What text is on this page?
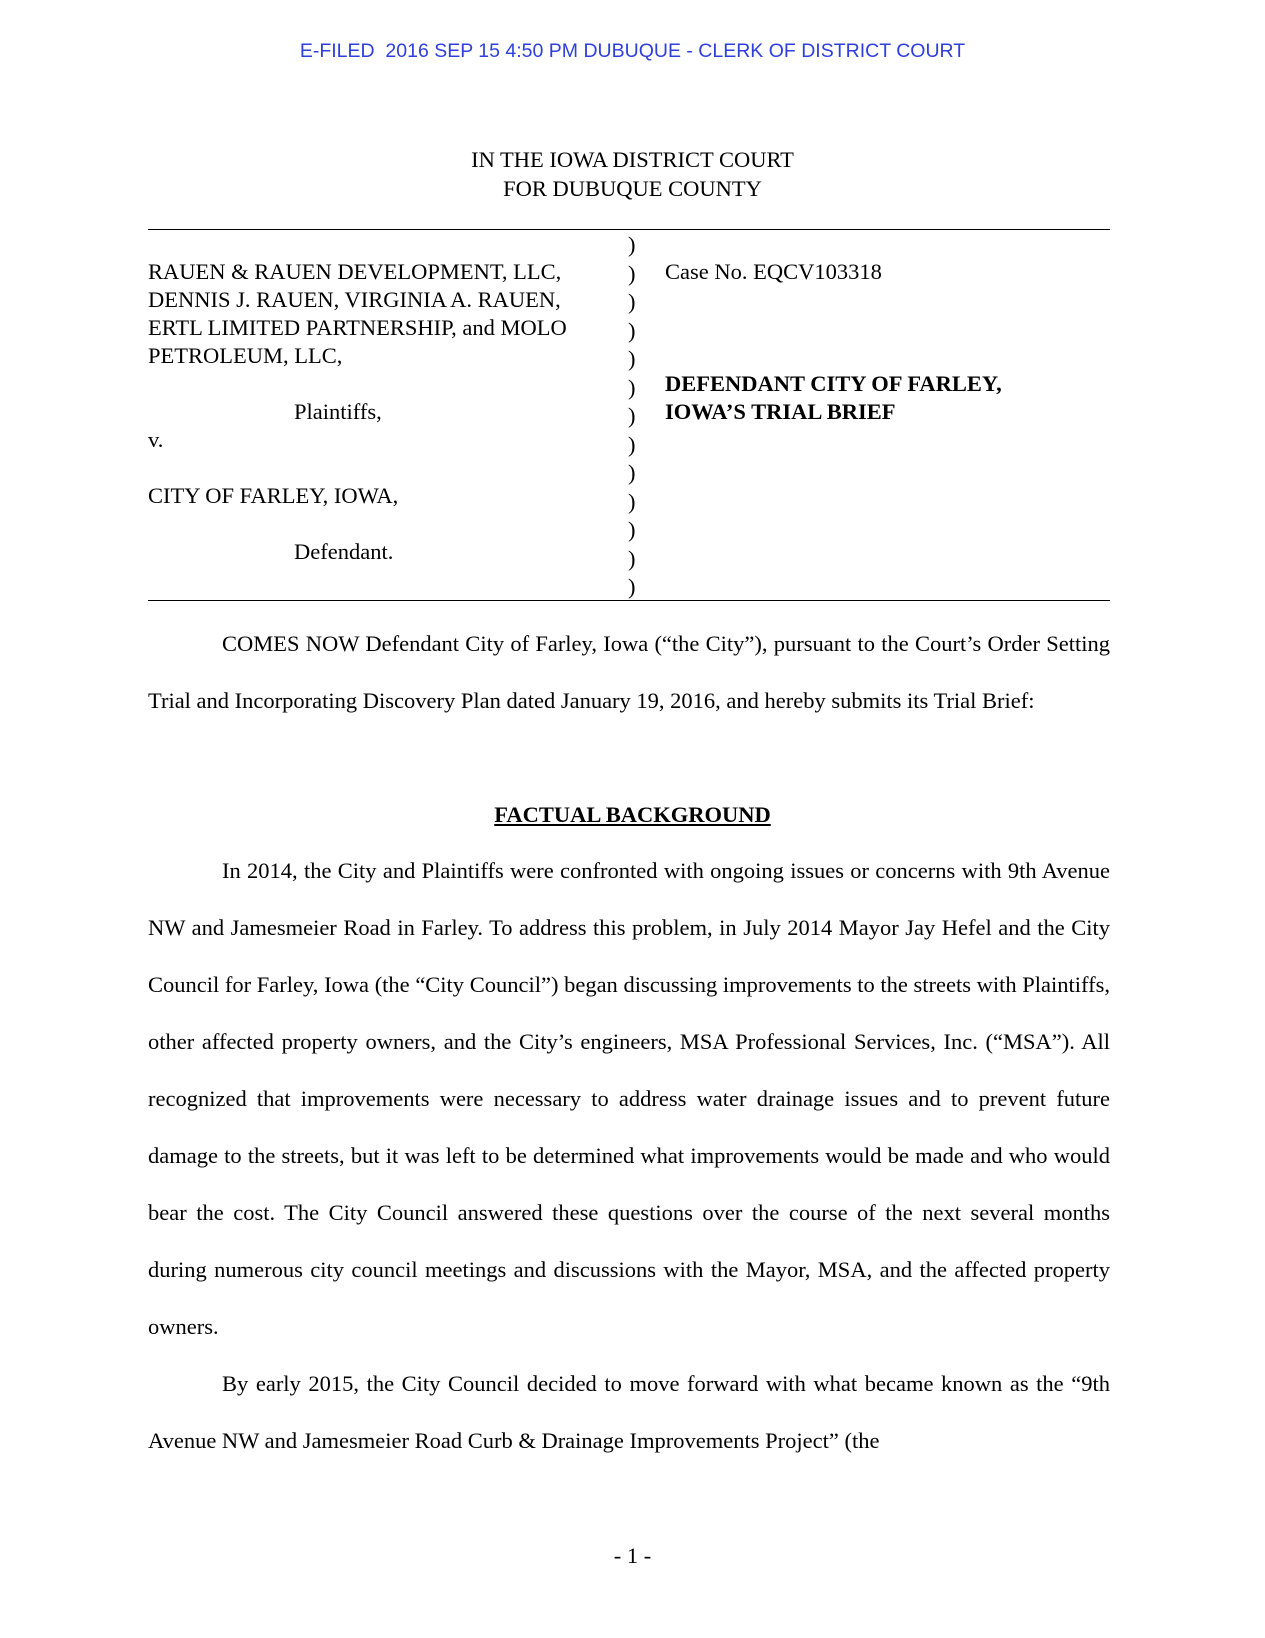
E-FILED  2016 SEP 15 4:50 PM DUBUQUE - CLERK OF DISTRICT COURT
IN THE IOWA DISTRICT COURT
FOR DUBUQUE COUNTY
RAUEN & RAUEN DEVELOPMENT, LLC,
DENNIS J. RAUEN, VIRGINIA A. RAUEN,
ERTL LIMITED PARTNERSHIP, and MOLO
PETROLEUM, LLC,
Plaintiffs,
v.
CITY OF FARLEY, IOWA,
Defendant.
)
)
)
)
)
)
)
)
)
)
)
)
)
Case No. EQCV103318
DEFENDANT CITY OF FARLEY,
IOWA’S TRIAL BRIEF

COMES NOW Defendant City of Farley, Iowa (“the City”), pursuant to the Court’s Order Setting Trial and Incorporating Discovery Plan dated January 19, 2016, and hereby submits its Trial Brief:

FACTUAL BACKGROUND

In 2014, the City and Plaintiffs were confronted with ongoing issues or concerns with 9th Avenue NW and Jamesmeier Road in Farley. To address this problem, in July 2014 Mayor Jay Hefel and the City Council for Farley, Iowa (the “City Council”) began discussing improvements to the streets with Plaintiffs, other affected property owners, and the City’s engineers, MSA Professional Services, Inc. (“MSA”). All recognized that improvements were necessary to address water drainage issues and to prevent future damage to the streets, but it was left to be determined what improvements would be made and who would bear the cost. The City Council answered these questions over the course of the next several months during numerous city council meetings and discussions with the Mayor, MSA, and the affected property owners.

By early 2015, the City Council decided to move forward with what became known as the “9th Avenue NW and Jamesmeier Road Curb & Drainage Improvements Project” (the

- 1 -
